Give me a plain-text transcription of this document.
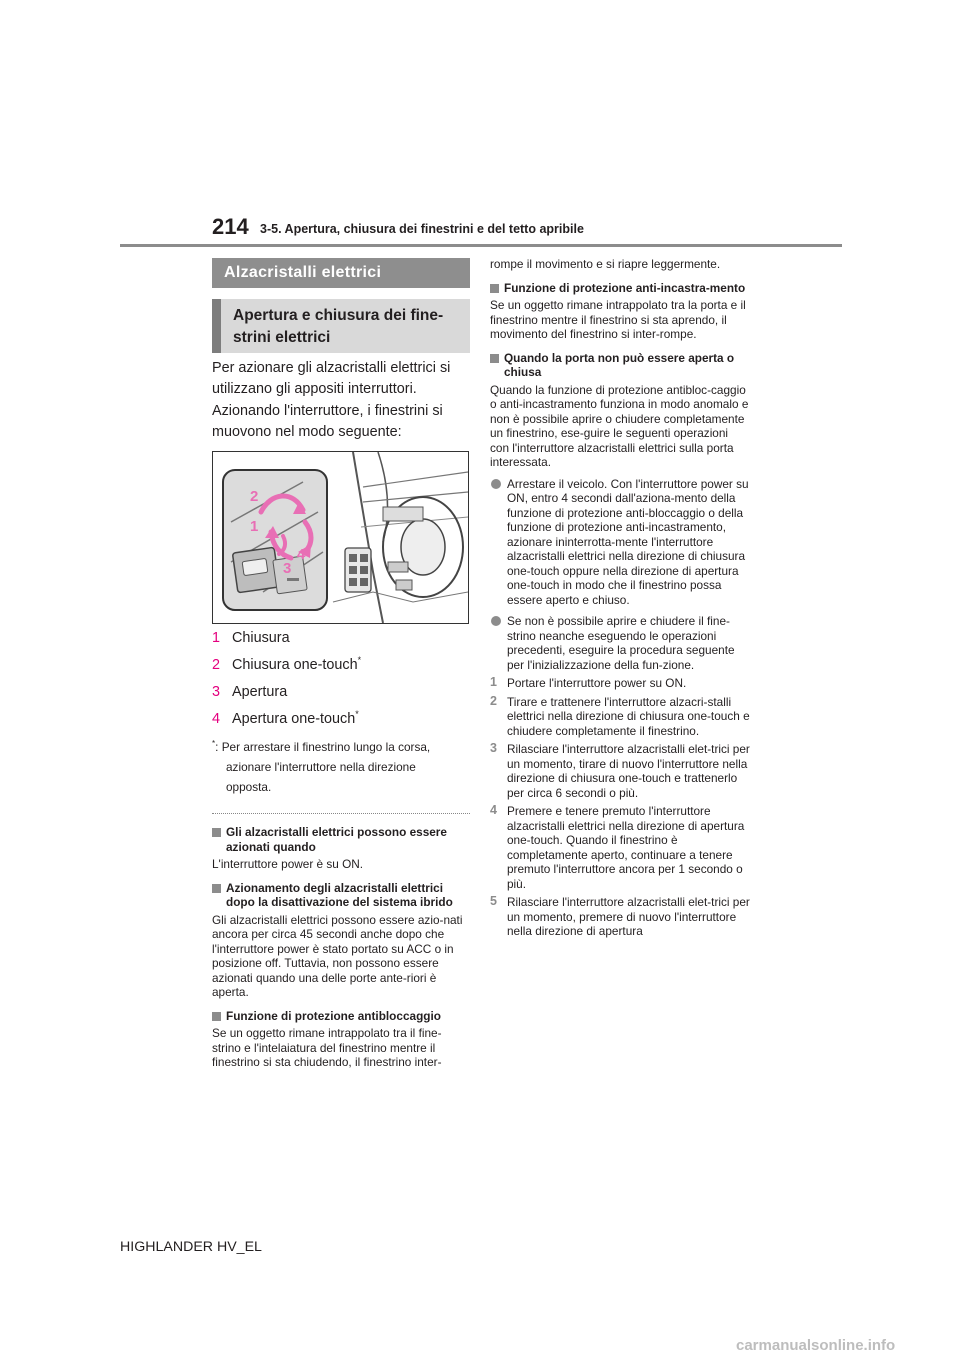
214 3-5. Apertura, chiusura dei finestrini e del tetto apribile
Alzacristalli elettrici
Apertura e chiusura dei fine-strini elettrici
Per azionare gli alzacristalli elettrici si utilizzano gli appositi interruttori. Azionando l'interruttore, i finestrini si muovono nel modo seguente:
2
1
4
3
1 Chiusura
2 Chiusura one-touch*
3 Apertura
4 Apertura one-touch*
*: Per arrestare il finestrino lungo la corsa,
azionare l'interruttore nella direzione
opposta.
Gli alzacristalli elettrici possono essere azionati quando
L'interruttore power è su ON.
Azionamento degli alzacristalli elettrici dopo la disattivazione del sistema ibrido
Gli alzacristalli elettrici possono essere azio-nati ancora per circa 45 secondi anche dopo che l'interruttore power è stato portato su ACC o in posizione off. Tuttavia, non possono essere azionati quando una delle porte ante-riori è aperta.
Funzione di protezione antibloccaggio
Se un oggetto rimane intrappolato tra il fine-strino e l'intelaiatura del finestrino mentre il finestrino si sta chiudendo, il finestrino inter-
rompe il movimento e si riapre leggermente.
Funzione di protezione anti-incastra-mento
Se un oggetto rimane intrappolato tra la porta e il finestrino mentre il finestrino si sta aprendo, il movimento del finestrino si inter-rompe.
Quando la porta non può essere aperta o chiusa
Quando la funzione di protezione antibloc-caggio o anti-incastramento funziona in modo anomalo e non è possibile aprire o chiudere completamente un finestrino, ese-guire le seguenti operazioni con l'interruttore alzacristalli elettrici sulla porta interessata.
Arrestare il veicolo. Con l'interruttore power su ON, entro 4 secondi dall'aziona-mento della funzione di protezione anti-bloccaggio o della funzione di protezione anti-incastramento, azionare ininterrotta-mente l'interruttore alzacristalli elettrici nella direzione di chiusura one-touch oppure nella direzione di apertura one-touch in modo che il finestrino possa essere aperto e chiuso.
Se non è possibile aprire e chiudere il fine-strino neanche eseguendo le operazioni precedenti, eseguire la procedura seguente per l'inizializzazione della fun-zione.
1 Portare l'interruttore power su ON.
2 Tirare e trattenere l'interruttore alzacri-stalli elettrici nella direzione di chiusura one-touch e chiudere completamente il finestrino.
3 Rilasciare l'interruttore alzacristalli elet-trici per un momento, tirare di nuovo l'interruttore nella direzione di chiusura one-touch e trattenerlo per circa 6 secondi o più.
4 Premere e tenere premuto l'interruttore alzacristalli elettrici nella direzione di apertura one-touch. Quando il finestrino è completamente aperto, continuare a tenere premuto l'interruttore ancora per 1 secondo o più.
5 Rilasciare l'interruttore alzacristalli elet-trici per un momento, premere di nuovo l'interruttore nella direzione di apertura
HIGHLANDER HV_EL
carmanualsonline.info
